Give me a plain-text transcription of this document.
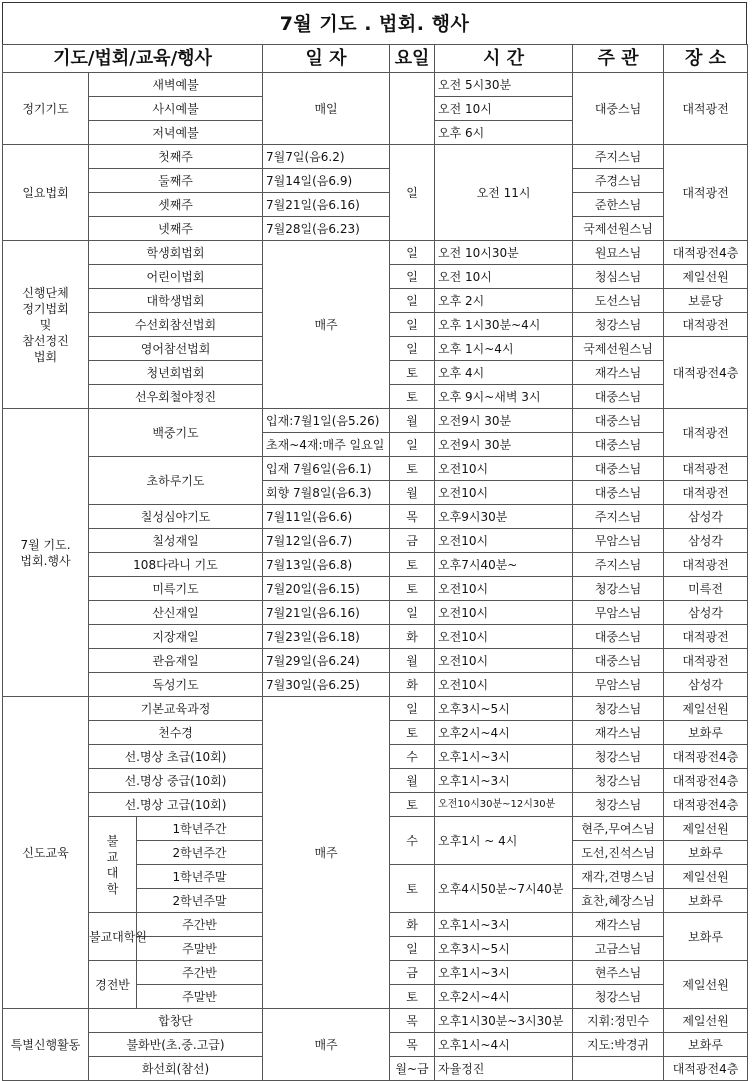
7월 기도 . 법회. 행사
기도/법회/교육/행사			일 자	요일	시 간	주 관	장 소
정기기도	새벽예불		매일		오전 5시30분	대중스님	대적광전
	사시예불				오전 10시		
	저녁예불				오후 6시		
일요법회	첫째주		7월7일(음6.2)	일	오전 11시	주지스님	대적광전
	둘째주		7월14일(음6.9)			주경스님	
	셋째주		7월21일(음6.16)			준한스님	
	넷째주		7월28일(음6.23)			국제선원스님	

신행단체
정기법회
및
참선정진
법회	학생회법회		매주	일	오전 10시30분	원묘스님	대적광전4층
	어린이법회			일	오전 10시	청심스님	제일선원
	대학생법회			일	오후 2시	도선스님	보륜당
	수선회참선법회			일	오후 1시30분~4시	청강스님	대적광전
	영어참선법회			일	오후 1시~4시	국제선원스님	대적광전4층
	청년회법회			토	오후 4시	재각스님	
	선우회철야정진			토	오후 9시~새벽 3시	대중스님	

7월 기도.
법회.행사	백중기도		입재:7월1일(음5.26)	월	오전9시 30분	대중스님	대적광전
			초재~4재:매주 일요일	일	오전9시 30분	대중스님	
	초하루기도		입재 7월6일(음6.1)	토	오전10시	대중스님	대적광전
			회향 7월8일(음6.3)	월	오전10시	대중스님	대적광전
	칠성심야기도		7월11일(음6.6)	목	오후9시30분	주지스님	삼성각
	칠성재일		7월12일(음6.7)	금	오전10시	무암스님	삼성각
	108다라니 기도		7월13일(음6.8)	토	오후7시40분~	주지스님	대적광전
	미륵기도		7월20일(음6.15)	토	오전10시	청강스님	미륵전
	산신재일		7월21일(음6.16)	일	오전10시	무암스님	삼성각
	지장재일		7월23일(음6.18)	화	오전10시	대중스님	대적광전
	관음재일		7월29일(음6.24)	월	오전10시	대중스님	대적광전
	독성기도		7월30일(음6.25)	화	오전10시	무암스님	삼성각
신도교육	기본교육과정		매주	일	오후3시~5시	청강스님	제일선원
	천수경			토	오후2시~4시	재각스님	보화루
	선.명상 초급(10회)			수	오후1시~3시	청강스님	대적광전4층
	선.명상 중급(10회)			월	오후1시~3시	청강스님	대적광전4층
	선.명상 고급(10회)			토	오전10시30분~12시30분	청강스님	대적광전4층

	불
교
대
학	1학년주간		수	오후1시 ~ 4시	현주,무여스님	제일선원
		2학년주간				도선,진석스님	보화루
		1학년주말		토	오후4시50분~7시40분	재각,견명스님	제일선원
		2학년주말				효찬,혜장스님	보화루
	불교대학원	주간반		화	오후1시~3시	재각스님	보화루
		주말반		일	오후3시~5시	고금스님	
	경전반	주간반		금	오후1시~3시	현주스님	제일선원
		주말반		토	오후2시~4시	청강스님	
특별신행활동	합창단		매주	목	오후1시30분~3시30분	지휘:정민수	제일선원
	불화반(초.중.고급)			목	오후1시~4시	지도:박경귀	보화루
	화선회(참선)			월~금	자율정진		대적광전4층
